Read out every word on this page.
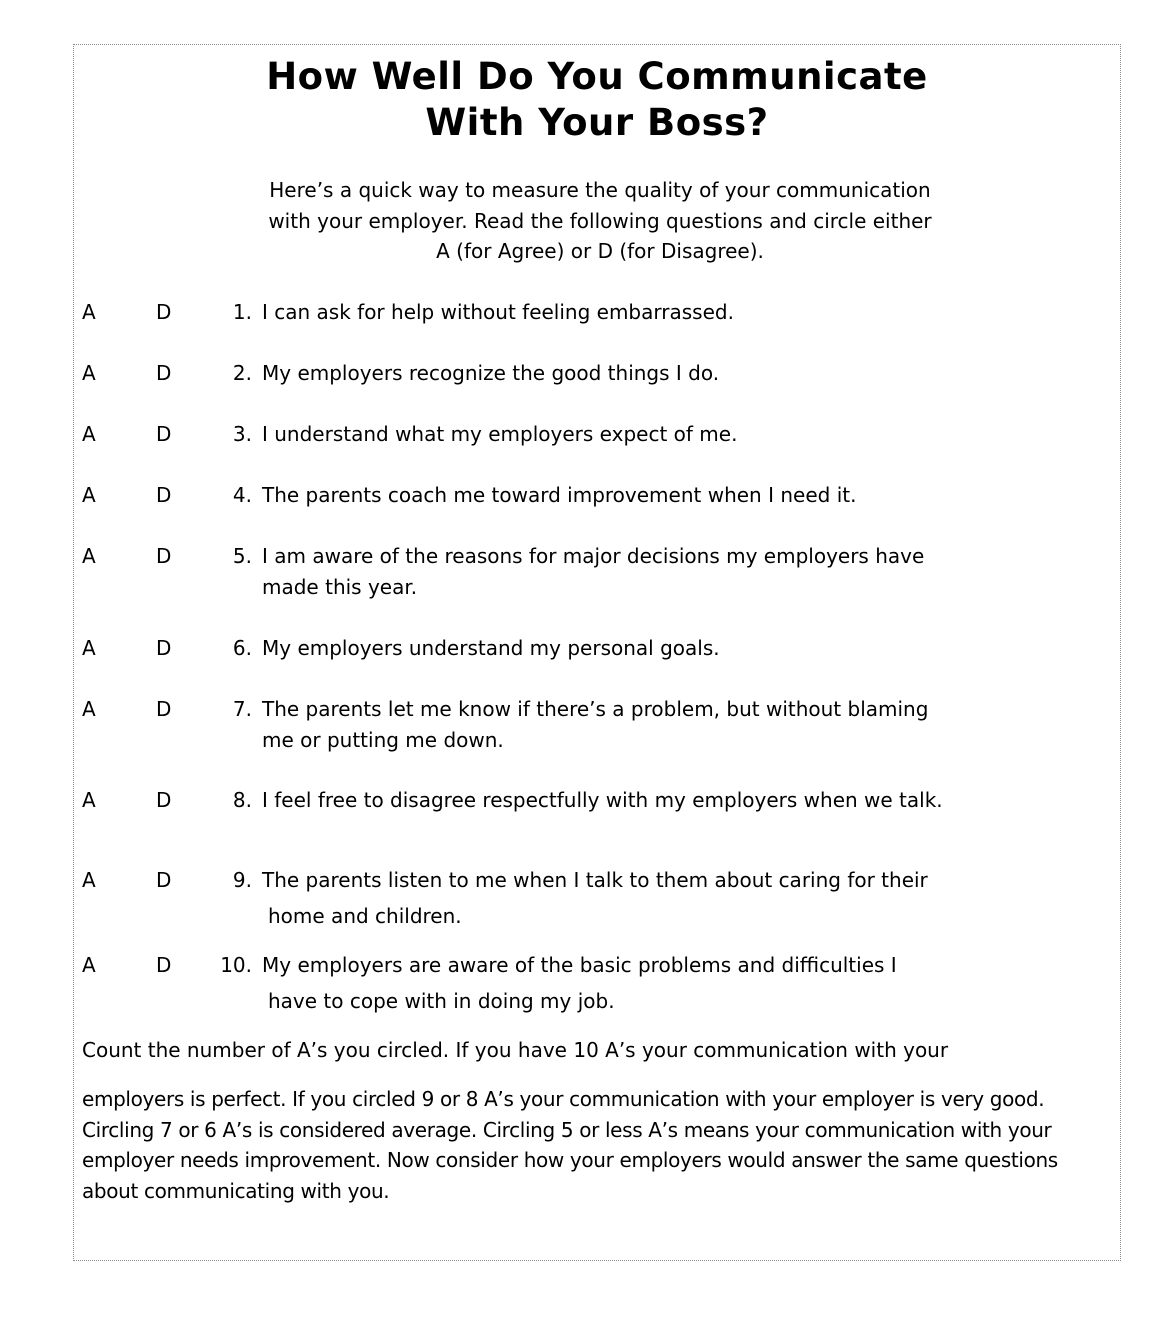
How Well Do You Communicate
With Your Boss?
Here’s a quick way to measure the quality of your communication
with your employer. Read the following questions and circle either
A (for Agree) or D (for Disagree).
A	D	1. I can ask for help without feeling embarrassed.
A	D	2. My employers recognize the good things I do.
A	D	3. I understand what my employers expect of me.
A	D	4. The parents coach me toward improvement when I need it.
A	D	5. I am aware of the reasons for major decisions my employers have
made this year.
A	D	6. My employers understand my personal goals.
A	D	7. The parents let me know if there’s a problem, but without blaming
me or putting me down.
A	D	8. I feel free to disagree respectfully with my employers when we talk.
A	D	9. The parents listen to me when I talk to them about caring for their
home and children.
A	D	10. My employers are aware of the basic problems and difficulties I
have to cope with in doing my job.
Count the number of A’s you circled. If you have 10 A’s your communication with your
employers is perfect. If you circled 9 or 8 A’s your communication with your employer is very good.
Circling 7 or 6 A’s is considered average. Circling 5 or less A’s means your communication with your
employer needs improvement. Now consider how your employers would answer the same questions
about communicating with you.
